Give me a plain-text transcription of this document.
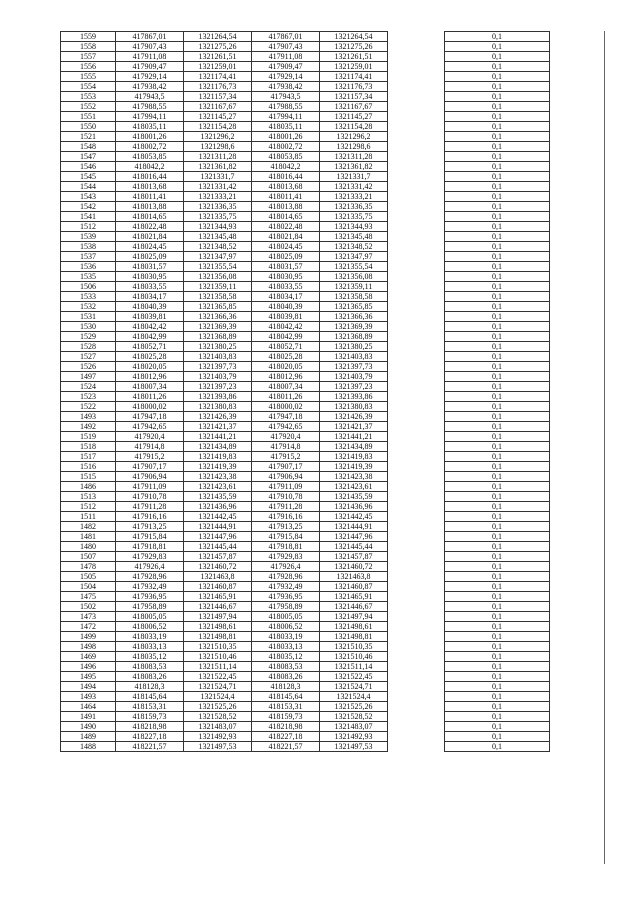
1559	417867,01	1321264,54	417867,01	1321264,54		0,1
1558	417907,43	1321275,26	417907,43	1321275,26		0,1
1557	417911,08	1321261,51	417911,08	1321261,51		0,1
1556	417909,47	1321259,01	417909,47	1321259,01		0,1
1555	417929,14	1321174,41	417929,14	1321174,41		0,1
1554	417938,42	1321176,73	417938,42	1321176,73		0,1
1553	417943,5	1321157,34	417943,5	1321157,34		0,1
1552	417988,55	1321167,67	417988,55	1321167,67		0,1
1551	417994,11	1321145,27	417994,11	1321145,27		0,1
1550	418035,11	1321154,28	418035,11	1321154,28		0,1
1521	418001,26	1321296,2	418001,26	1321296,2		0,1
1548	418002,72	1321298,6	418002,72	1321298,6		0,1
1547	418053,85	1321311,28	418053,85	1321311,28		0,1
1546	418042,2	1321361,82	418042,2	1321361,82		0,1
1545	418016,44	1321331,7	418016,44	1321331,7		0,1
1544	418013,68	1321331,42	418013,68	1321331,42		0,1
1543	418011,41	1321333,21	418011,41	1321333,21		0,1
1542	418013,88	1321336,35	418013,88	1321336,35		0,1
1541	418014,65	1321335,75	418014,65	1321335,75		0,1
1512	418022,48	1321344,93	418022,48	1321344,93		0,1
1539	418021,84	1321345,48	418021,84	1321345,48		0,1
1538	418024,45	1321348,52	418024,45	1321348,52		0,1
1537	418025,09	1321347,97	418025,09	1321347,97		0,1
1536	418031,57	1321355,54	418031,57	1321355,54		0,1
1535	418030,95	1321356,08	418030,95	1321356,08		0,1
1506	418033,55	1321359,11	418033,55	1321359,11		0,1
1533	418034,17	1321358,58	418034,17	1321358,58		0,1
1532	418040,39	1321365,85	418040,39	1321365,85		0,1
1531	418039,81	1321366,36	418039,81	1321366,36		0,1
1530	418042,42	1321369,39	418042,42	1321369,39		0,1
1529	418042,99	1321368,89	418042,99	1321368,89		0,1
1528	418052,71	1321380,25	418052,71	1321380,25		0,1
1527	418025,28	1321403,83	418025,28	1321403,83		0,1
1526	418020,05	1321397,73	418020,05	1321397,73		0,1
1497	418012,96	1321403,79	418012,96	1321403,79		0,1
1524	418007,34	1321397,23	418007,34	1321397,23		0,1
1523	418011,26	1321393,86	418011,26	1321393,86		0,1
1522	418000,02	1321380,83	418000,02	1321380,83		0,1
1493	417947,18	1321426,39	417947,18	1321426,39		0,1
1492	417942,65	1321421,37	417942,65	1321421,37		0,1
1519	417920,4	1321441,21	417920,4	1321441,21		0,1
1518	417914,8	1321434,89	417914,8	1321434,89		0,1
1517	417915,2	1321419,83	417915,2	1321419,83		0,1
1516	417907,17	1321419,39	417907,17	1321419,39		0,1
1515	417906,94	1321423,38	417906,94	1321423,38		0,1
1486	417911,09	1321423,61	417911,09	1321423,61		0,1
1513	417910,78	1321435,59	417910,78	1321435,59		0,1
1512	417911,28	1321436,96	417911,28	1321436,96		0,1
1511	417916,16	1321442,45	417916,16	1321442,45		0,1
1482	417913,25	1321444,91	417913,25	1321444,91		0,1
1481	417915,84	1321447,96	417915,84	1321447,96		0,1
1480	417918,81	1321445,44	417918,81	1321445,44		0,1
1507	417929,83	1321457,87	417929,83	1321457,87		0,1
1478	417926,4	1321460,72	417926,4	1321460,72		0,1
1505	417928,96	1321463,8	417928,96	1321463,8		0,1
1504	417932,49	1321460,87	417932,49	1321460,87		0,1
1475	417936,95	1321465,91	417936,95	1321465,91		0,1
1502	417958,89	1321446,67	417958,89	1321446,67		0,1
1473	418005,05	1321497,94	418005,05	1321497,94		0,1
1472	418006,52	1321498,61	418006,52	1321498,61		0,1
1499	418033,19	1321498,81	418033,19	1321498,81		0,1
1498	418033,13	1321510,35	418033,13	1321510,35		0,1
1469	418035,12	1321510,46	418035,12	1321510,46		0,1
1496	418083,53	1321511,14	418083,53	1321511,14		0,1
1495	418083,26	1321522,45	418083,26	1321522,45		0,1
1494	418128,3	1321524,71	418128,3	1321524,71		0,1
1493	418145,64	1321524,4	418145,64	1321524,4		0,1
1464	418153,31	1321525,26	418153,31	1321525,26		0,1
1491	418159,73	1321528,52	418159,73	1321528,52		0,1
1490	418218,98	1321483,07	418218,98	1321483,07		0,1
1489	418227,18	1321492,93	418227,18	1321492,93		0,1
1488	418221,57	1321497,53	418221,57	1321497,53		0,1
